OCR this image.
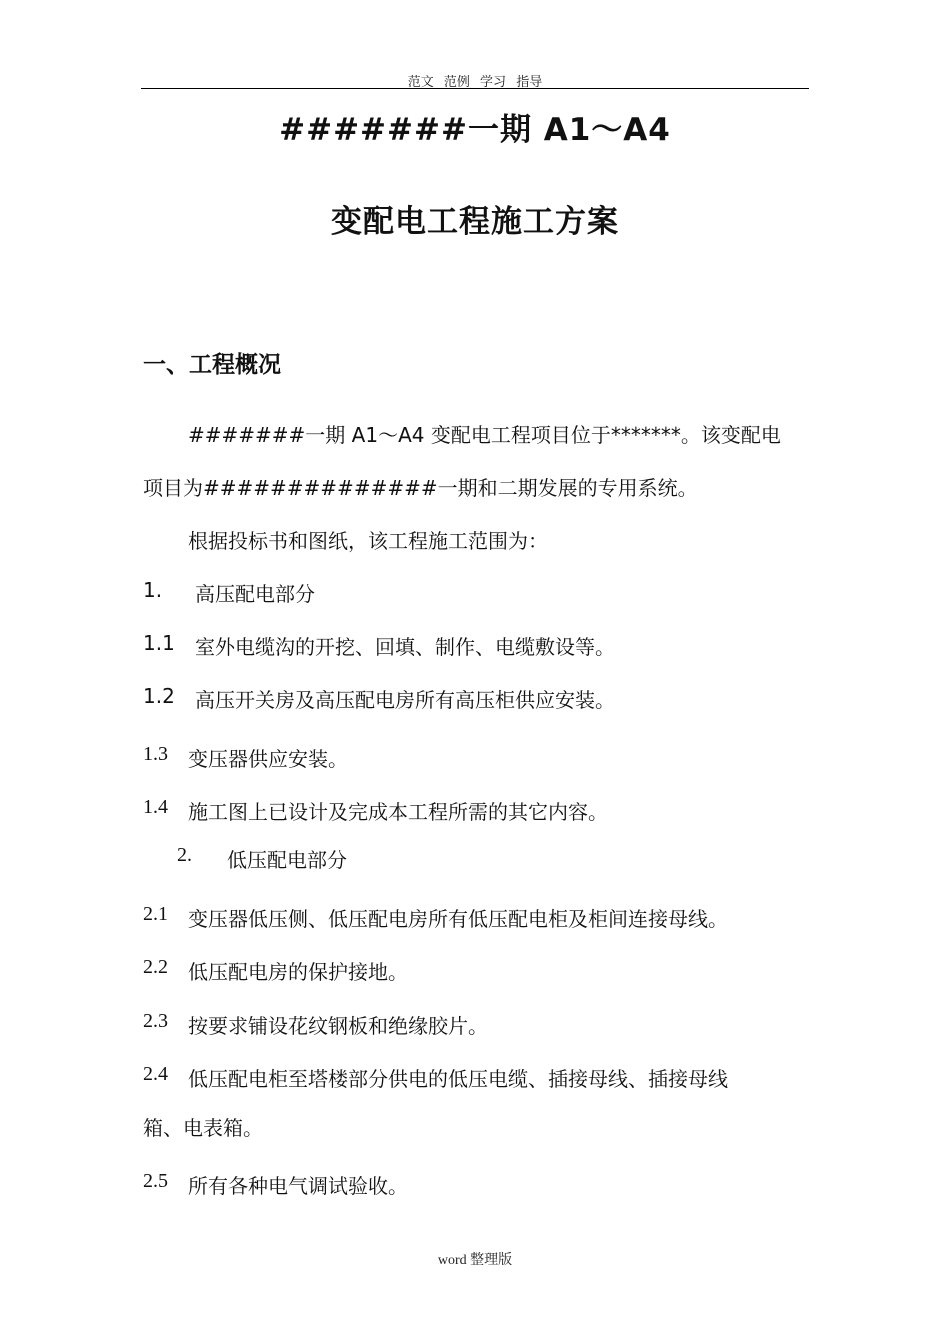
范文 范例 学习 指导
#######一期 A1～A4
变配电工程施工方案
一、工程概况
#######一期 A1～A4 变配电工程项目位于*******。该变配电
项目为##############一期和二期发展的专用系统。
根据投标书和图纸，该工程施工范围为：
1. 高压配电部分
1.1 室外电缆沟的开挖、回填、制作、电缆敷设等。
1.2 高压开关房及高压配电房所有高压柜供应安装。
1.3 变压器供应安装。
1.4 施工图上已设计及完成本工程所需的其它内容。
2. 低压配电部分
2.1 变压器低压侧、低压配电房所有低压配电柜及柜间连接母线。
2.2 低压配电房的保护接地。
2.3 按要求铺设花纹钢板和绝缘胶片。
2.4 低压配电柜至塔楼部分供电的低压电缆、插接母线、插接母线
箱、电表箱。
2.5 所有各种电气调试验收。
word 整理版
